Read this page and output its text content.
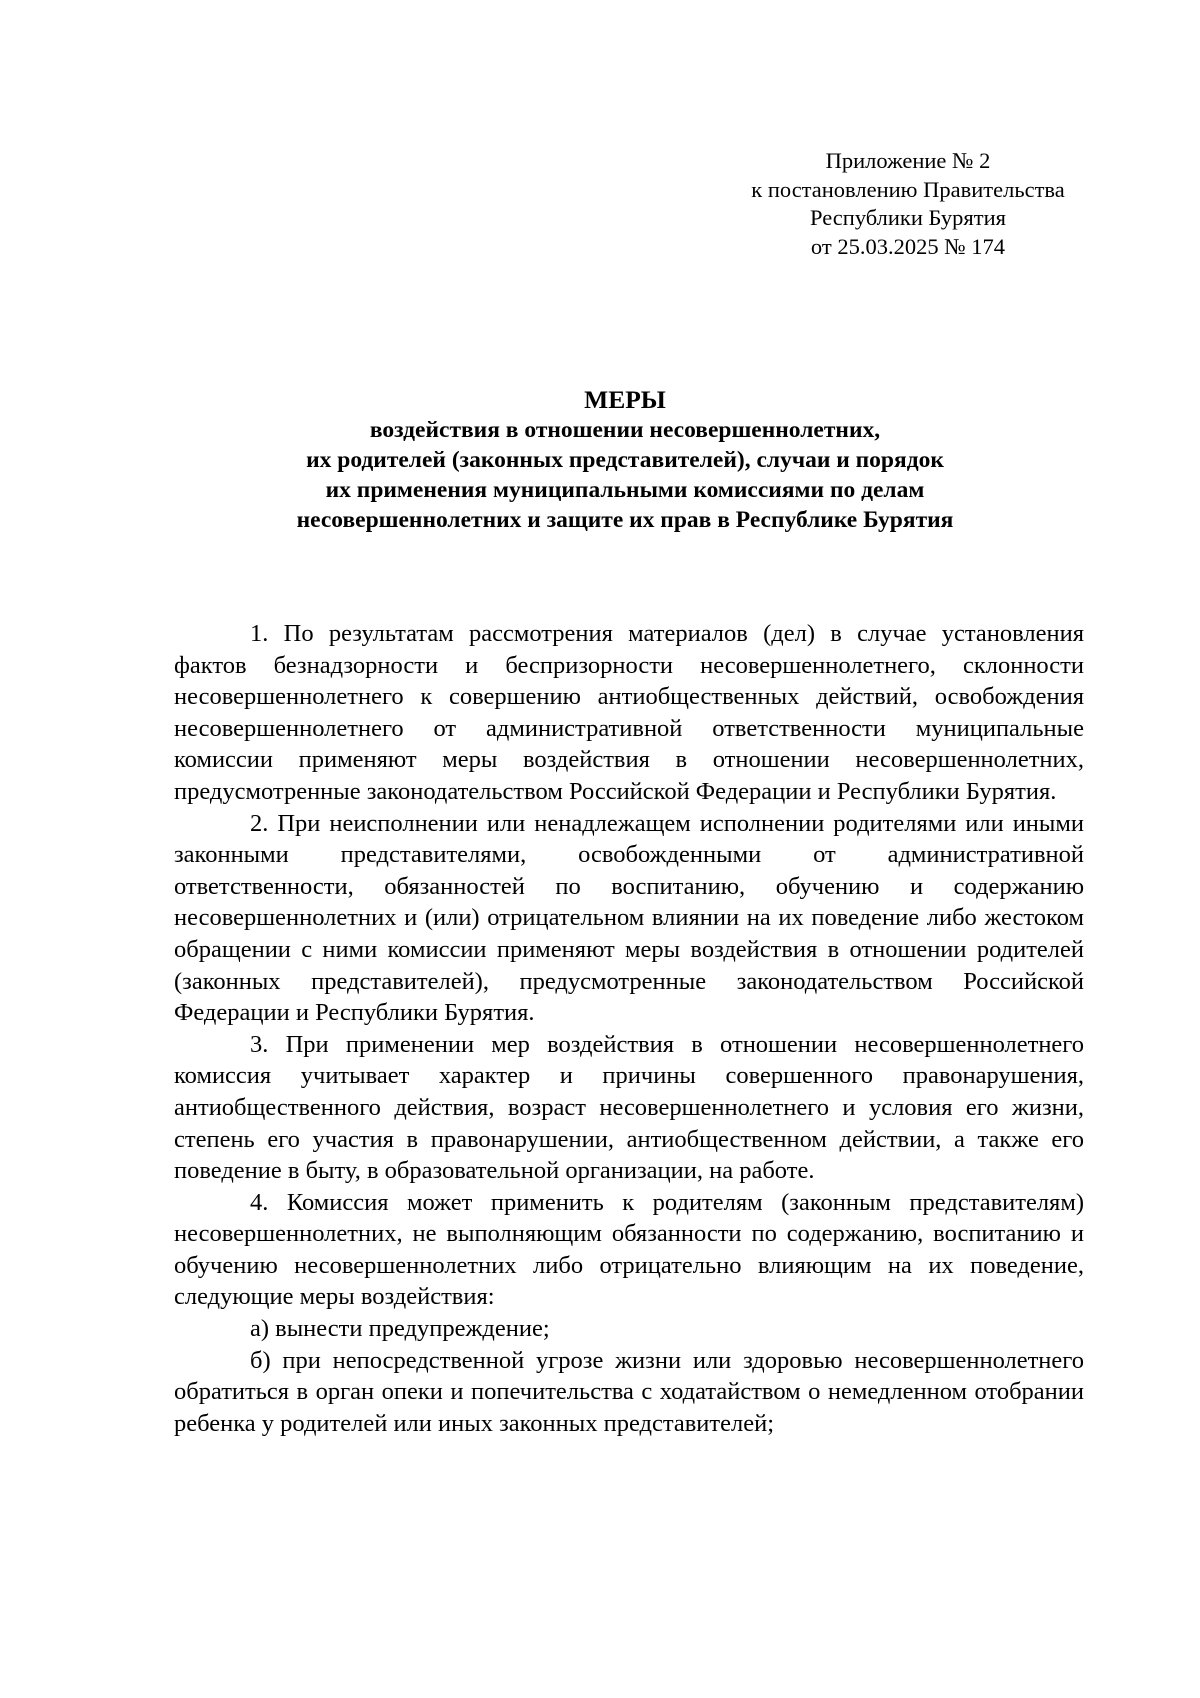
Приложение № 2
к постановлению Правительства
Республики Бурятия
от 25.03.2025 № 174
МЕРЫ
воздействия в отношении несовершеннолетних,
их родителей (законных представителей), случаи и порядок
их применения муниципальными комиссиями по делам
несовершеннолетних и защите их прав в Республике Бурятия

1. По результатам рассмотрения материалов (дел) в случае установления фактов безнадзорности и беспризорности несовершеннолетнего, склонности несовершеннолетнего к совершению антиобщественных действий, освобождения несовершеннолетнего от административной ответственности муниципальные комиссии применяют меры воздействия в отношении несовершеннолетних, предусмотренные законодательством Российской Федерации и Республики Бурятия.

2. При неисполнении или ненадлежащем исполнении родителями или иными законными представителями, освобожденными от административной ответственности, обязанностей по воспитанию, обучению и содержанию несовершеннолетних и (или) отрицательном влиянии на их поведение либо жестоком обращении с ними комиссии применяют меры воздействия в отношении родителей (законных представителей), предусмотренные законодательством Российской Федерации и Республики Бурятия.

3. При применении мер воздействия в отношении несовершеннолетнего комиссия учитывает характер и причины совершенного правонарушения, антиобщественного действия, возраст несовершеннолетнего и условия его жизни, степень его участия в правонарушении, антиобщественном действии, а также его поведение в быту, в образовательной организации, на работе.

4. Комиссия может применить к родителям (законным представителям) несовершеннолетних, не выполняющим обязанности по содержанию, воспитанию и обучению несовершеннолетних либо отрицательно влияющим на их поведение, следующие меры воздействия:

а) вынести предупреждение;

б) при непосредственной угрозе жизни или здоровью несовершеннолетнего обратиться в орган опеки и попечительства с ходатайством о немедленном отобрании ребенка у родителей или иных законных представителей;
